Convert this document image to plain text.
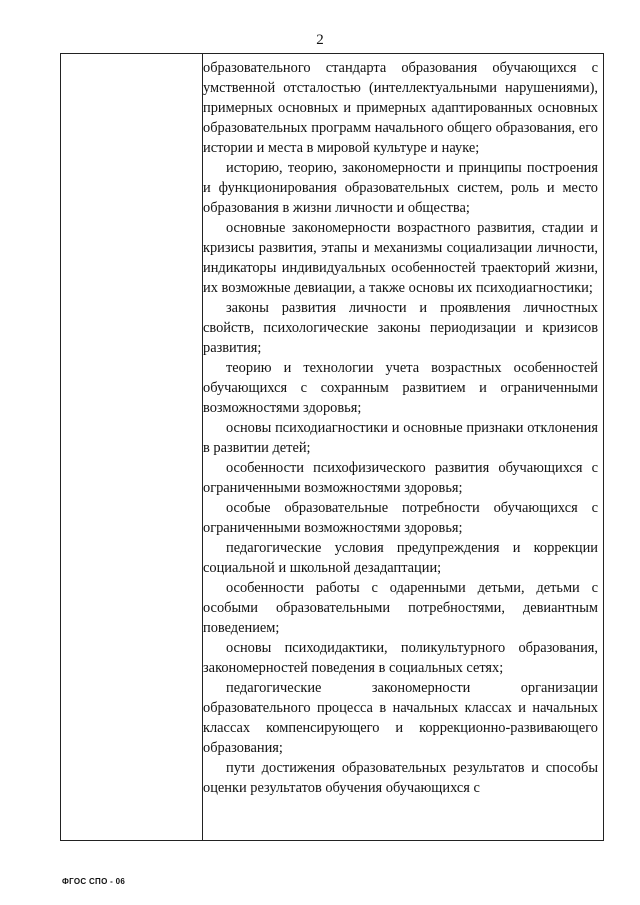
2

образовательного стандарта образования обучающихся с умственной отсталостью (интеллектуальными нарушениями), примерных основных и примерных адаптированных основных образовательных программ начального общего образования, его истории и места в мировой культуре и науке;

историю, теорию, закономерности и принципы построения и функционирования образовательных систем, роль и место образования в жизни личности и общества;

основные закономерности возрастного развития, стадии и кризисы развития, этапы и механизмы социализации личности, индикаторы индивидуальных особенностей траекторий жизни, их возможные девиации, а также основы их психодиагностики;

законы развития личности и проявления личностных свойств, психологические законы периодизации и кризисов развития;

теорию и технологии учета возрастных особенностей обучающихся с сохранным развитием и ограниченными возможностями здоровья;

основы психодиагностики и основные признаки отклонения в развитии детей;

особенности психофизического развития обучающихся с ограниченными возможностями здоровья;

особые образовательные потребности обучающихся с ограниченными возможностями здоровья;

педагогические условия предупреждения и коррекции социальной и школьной дезадаптации;

особенности работы с одаренными детьми, детьми с особыми образовательными потребностями, девиантным поведением;

основы психодидактики, поликультурного образования, закономерностей поведения в социальных сетях;

педагогические закономерности организации образовательного процесса в начальных классах и начальных классах компенсирующего и коррекционно-развивающего образования;

пути достижения образовательных результатов и способы оценки результатов обучения обучающихся с

ФГОС СПО - 06
